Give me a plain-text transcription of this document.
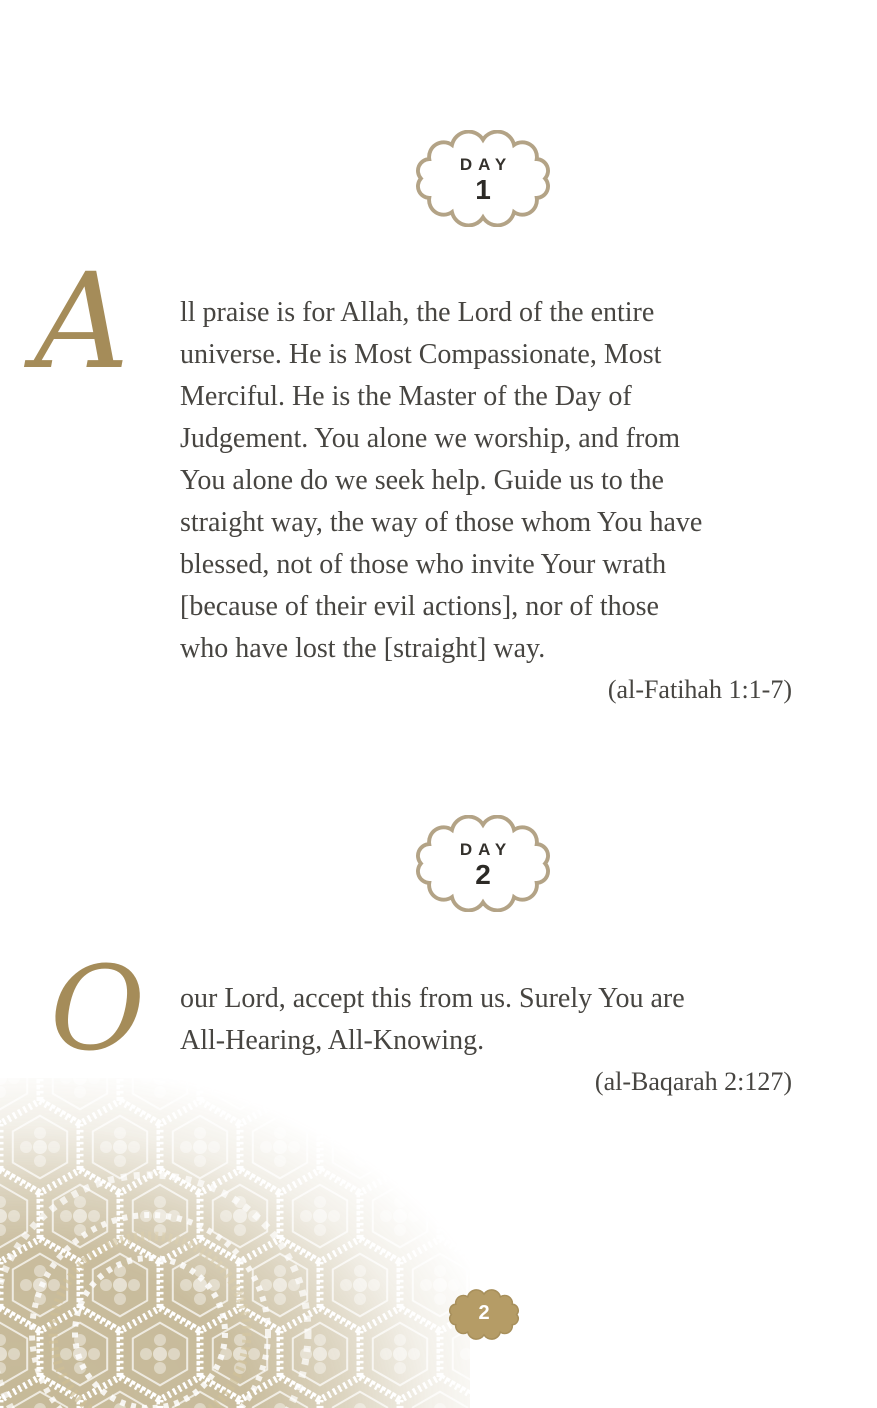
DAY
1
A ll praise is for Allah, the Lord of the entire
universe. He is Most Compassionate, Most
Merciful. He is the Master of the Day of
Judgement. You alone we worship, and from
You alone do we seek help. Guide us to the
straight way, the way of those whom You have
blessed, not of those who invite Your wrath
[because of their evil actions], nor of those
who have lost the [straight] way.
(al-Fatihah 1:1-7)
DAY
2
O our Lord, accept this from us. Surely You are
All-Hearing, All-Knowing.
(al-Baqarah 2:127)
2
